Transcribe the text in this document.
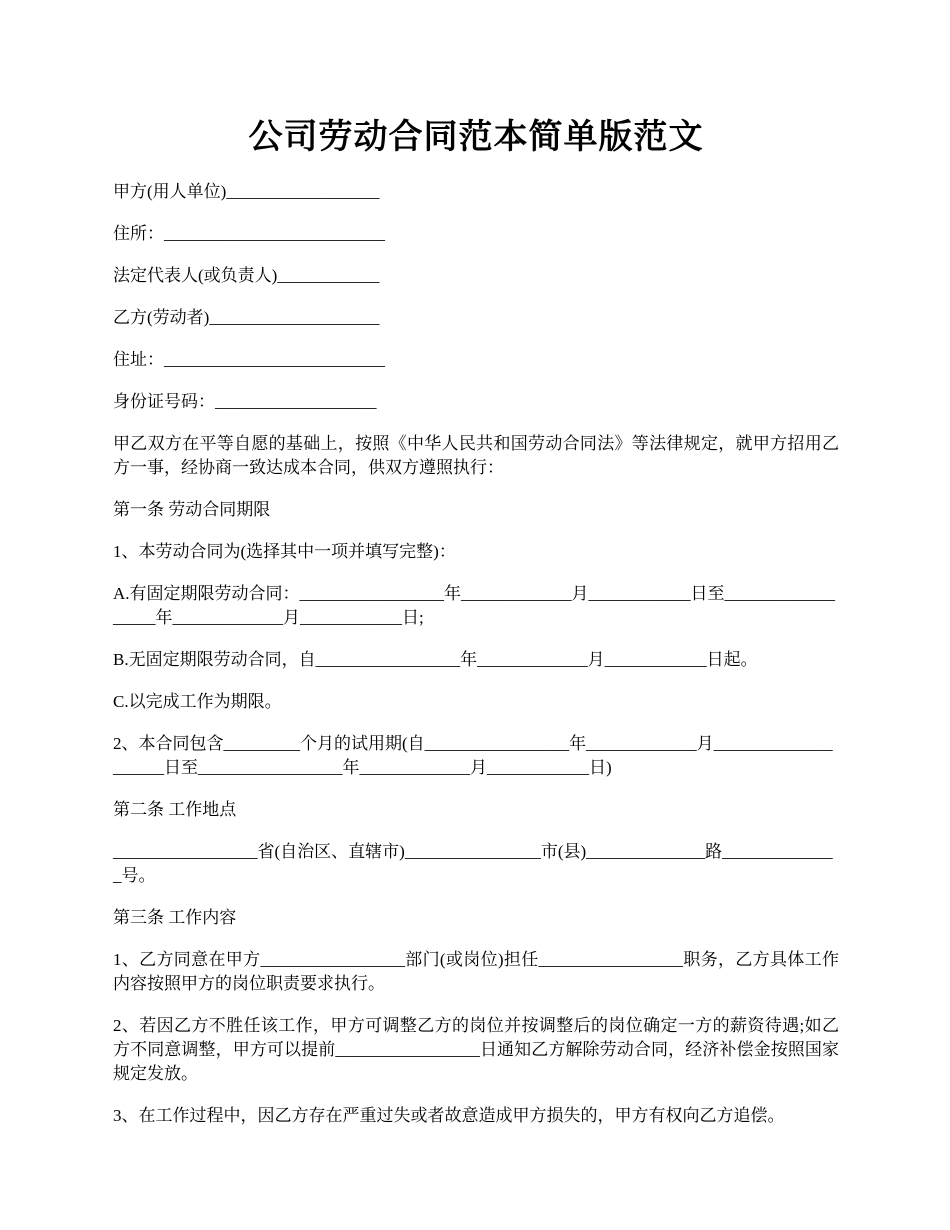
公司劳动合同范本简单版范文

甲方(用人单位)__________________

住所：__________________________

法定代表人(或负责人)____________

乙方(劳动者)____________________

住址：__________________________

身份证号码：___________________

甲乙双方在平等自愿的基础上，按照《中华人民共和国劳动合同法》等法律规定，就甲方招用乙方一事，经协商一致达成本合同，供双方遵照执行：

第一条 劳动合同期限

1、本劳动合同为(选择其中一项并填写完整)：

A.有固定期限劳动合同：_________________年_____________月____________日至__________________年_____________月____________日;

B.无固定期限劳动合同，自_________________年_____________月____________日起。

C.以完成工作为期限。

2、本合同包含_________个月的试用期(自_________________年_____________月____________________日至_________________年_____________月____________日)

第二条 工作地点

_________________省(自治区、直辖市)________________市(县)______________路______________号。

第三条 工作内容

1、乙方同意在甲方_________________部门(或岗位)担任_________________职务，乙方具体工作内容按照甲方的岗位职责要求执行。

2、若因乙方不胜任该工作，甲方可调整乙方的岗位并按调整后的岗位确定一方的薪资待遇;如乙方不同意调整，甲方可以提前_________________日通知乙方解除劳动合同，经济补偿金按照国家规定发放。

3、在工作过程中，因乙方存在严重过失或者故意造成甲方损失的，甲方有权向乙方追偿。
